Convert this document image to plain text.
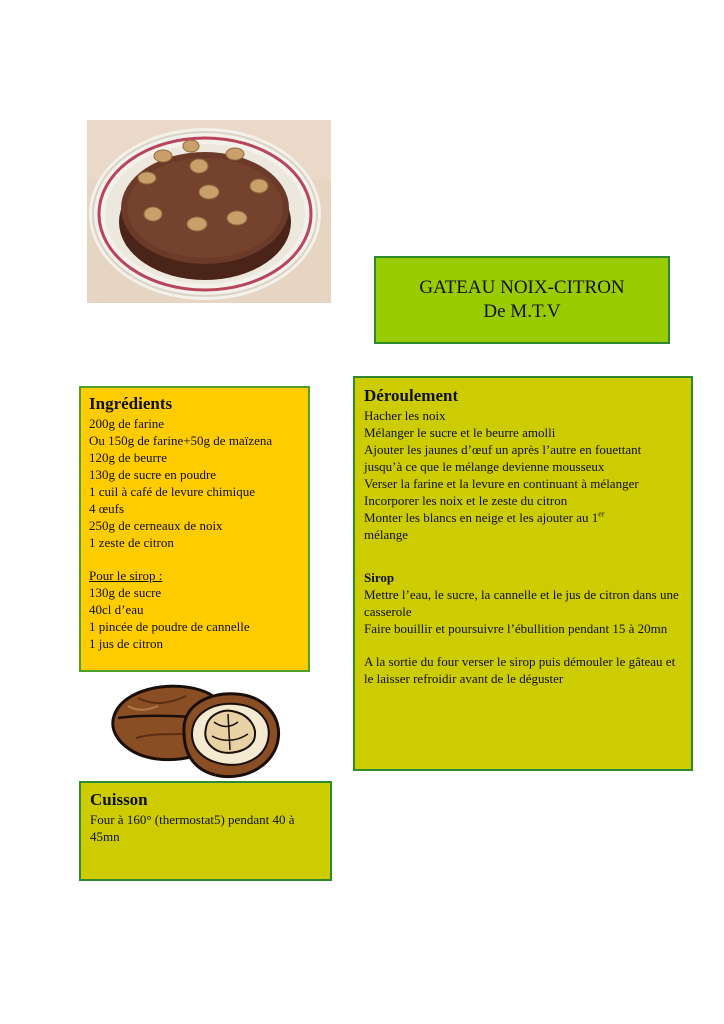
GATEAU NOIX-CITRON
De M.T.V
Ingrédients

200g de farine

Ou 150g de farine+50g de maïzena

120g de beurre

130g de sucre en poudre

1 cuil à café de levure chimique

4 œufs

250g de cerneaux de noix

1 zeste de citron

Pour le sirop :

130g de sucre

40cl d’eau

1 pincée de poudre de cannelle

1 jus de citron

Déroulement

Hacher les noix

Mélanger le sucre et le beurre amolli

Ajouter les jaunes d’œuf un après l’autre en fouettant jusqu’à ce que le mélange devienne mousseux

Verser la farine et la levure en continuant à mélanger

Incorporer les noix et le zeste du citron

Monter les blancs en neige et les ajouter au 1er
mélange

Sirop

Mettre l’eau, le sucre, la cannelle et le jus de citron dans une casserole

Faire bouillir et poursuivre l’ébullition pendant 15 à 20mn

A la sortie du four verser le sirop puis démouler le gâteau et le laisser refroidir avant de le déguster

Cuisson

Four à 160° (thermostat5) pendant 40 à 45mn
